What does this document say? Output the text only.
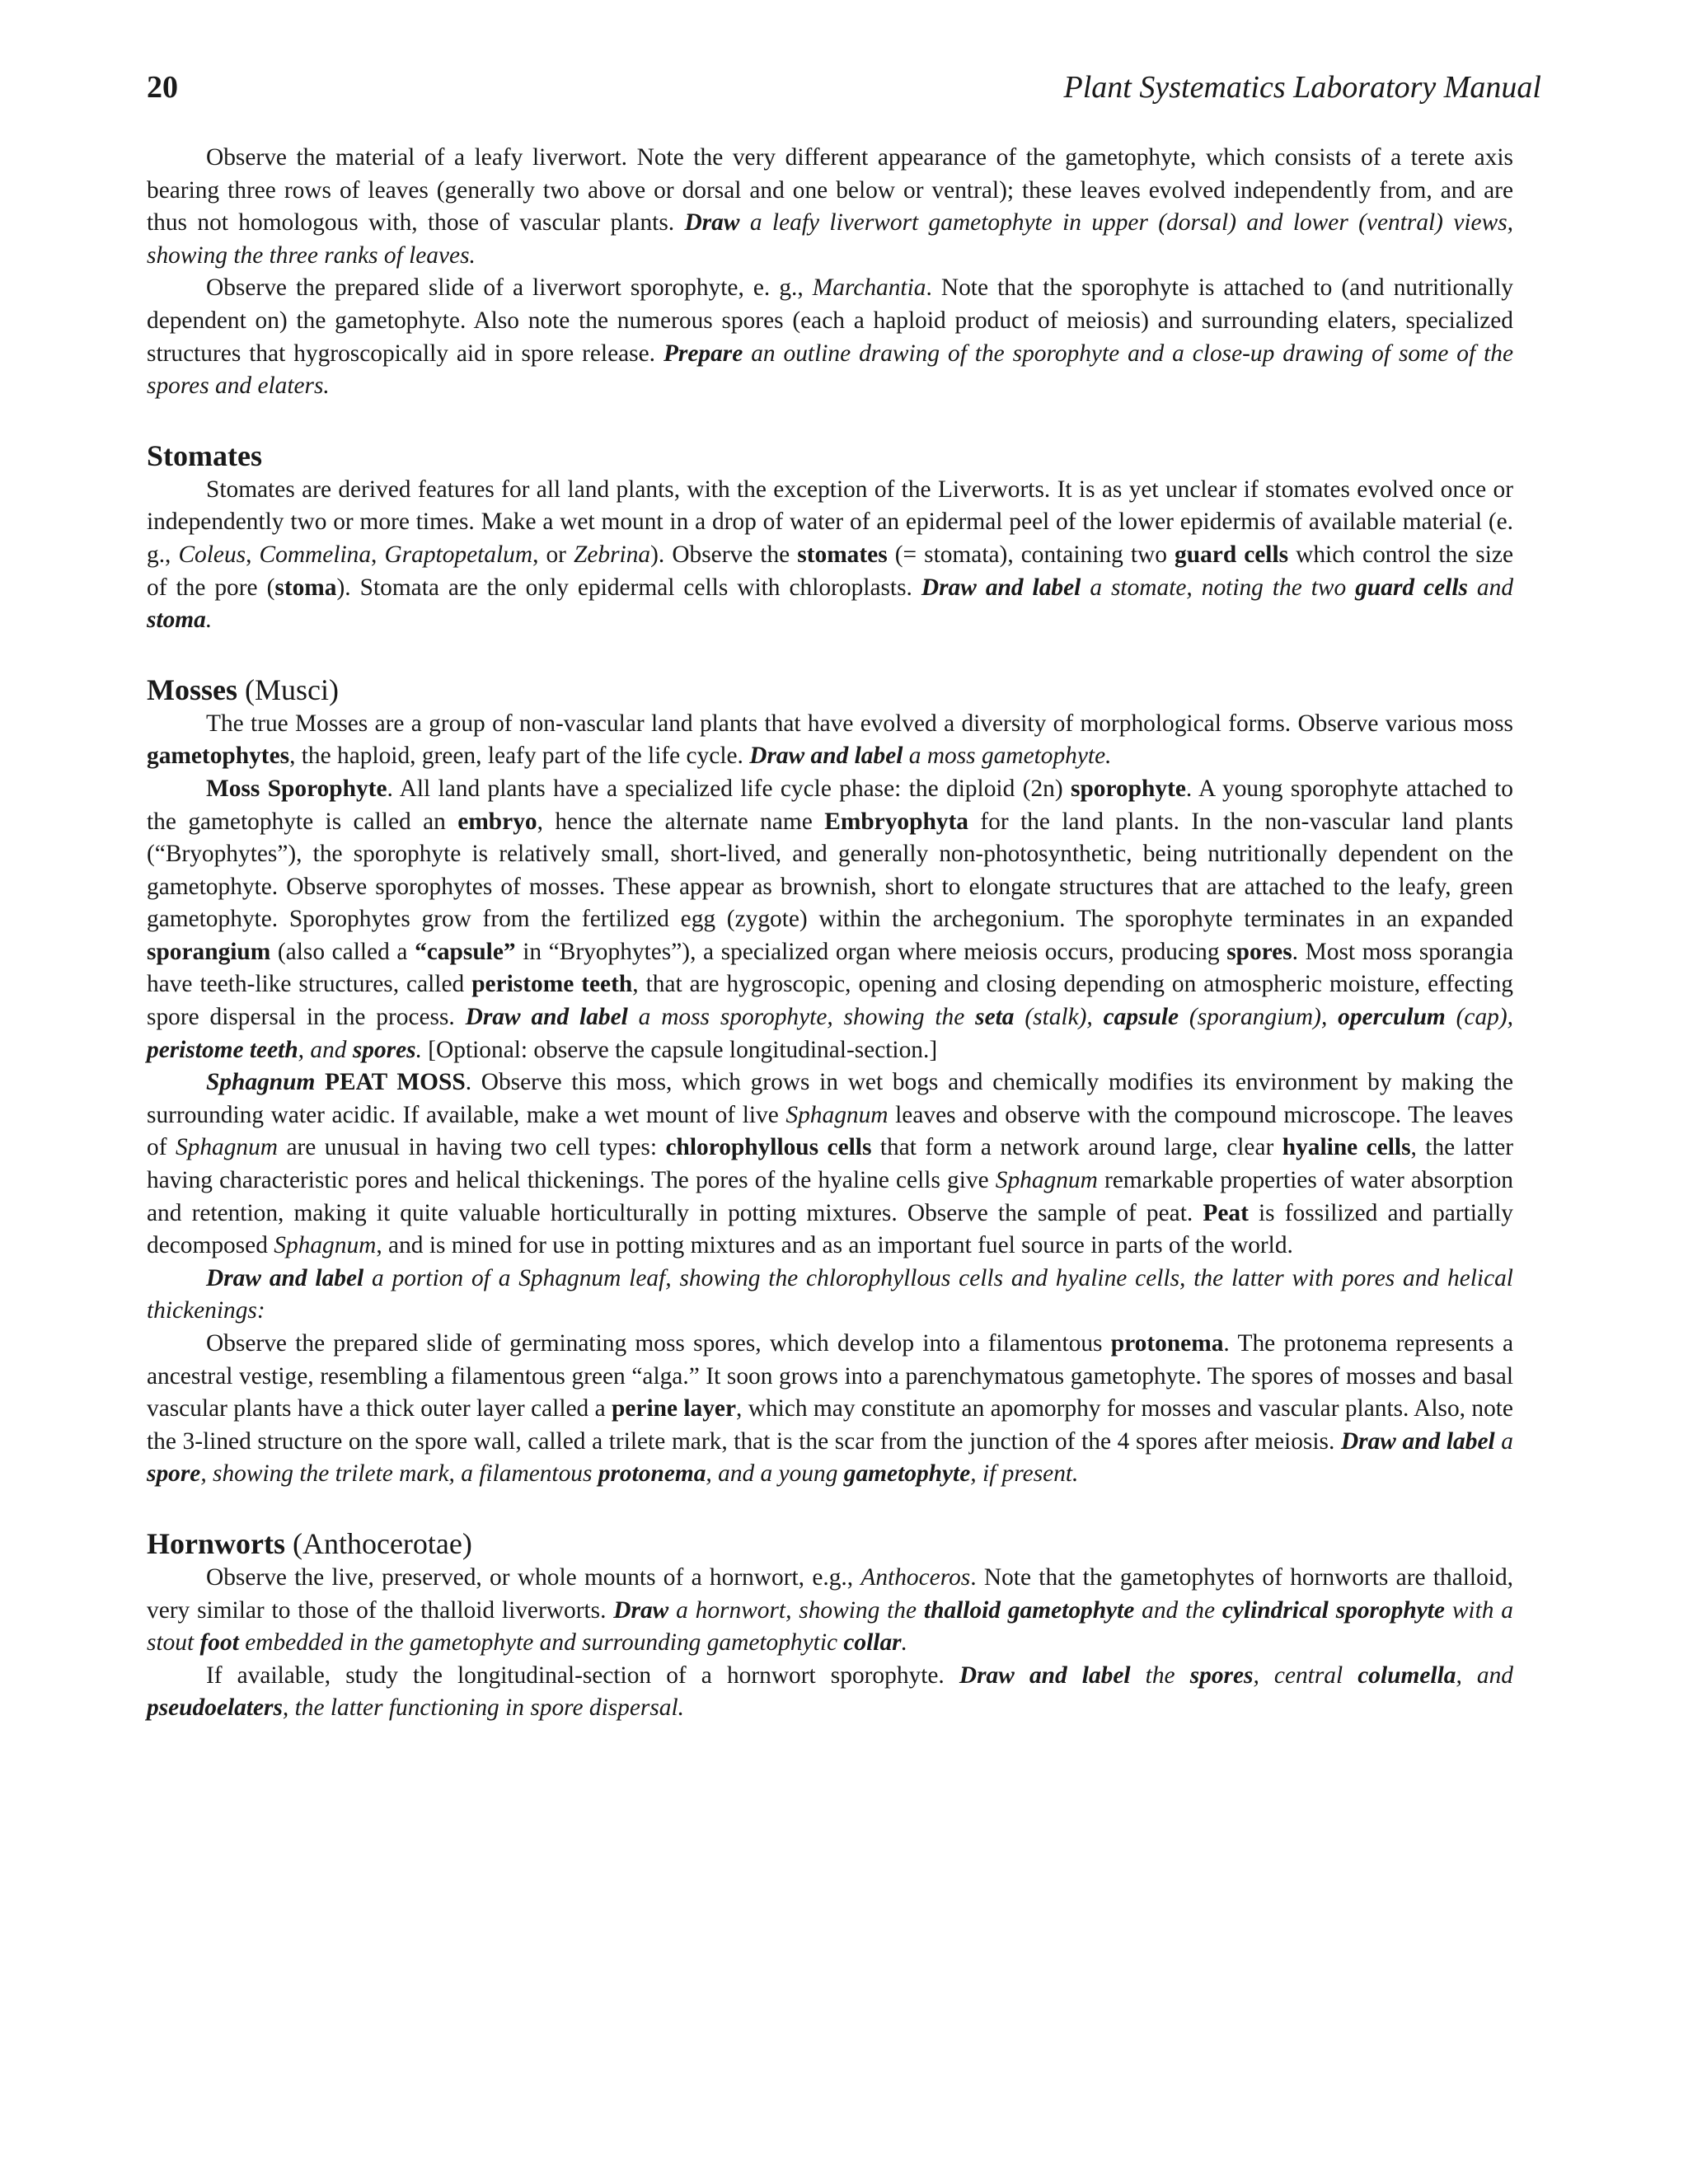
20	Plant Systematics Laboratory Manual

Observe the material of a leafy liverwort. Note the very different appearance of the gametophyte, which consists of a terete axis bearing three rows of leaves (generally two above or dorsal and one below or ventral); these leaves evolved independently from, and are thus not homologous with, those of vascular plants. Draw a leafy liverwort gametophyte in upper (dorsal) and lower (ventral) views, showing the three ranks of leaves.

Observe the prepared slide of a liverwort sporophyte, e. g., Marchantia. Note that the sporophyte is attached to (and nutritionally dependent on) the gametophyte. Also note the numerous spores (each a haploid product of meiosis) and surrounding elaters, specialized structures that hygroscopically aid in spore release. Prepare an outline drawing of the sporophyte and a close-up drawing of some of the spores and elaters.

Stomates

Stomates are derived features for all land plants, with the exception of the Liverworts. It is as yet unclear if stomates evolved once or independently two or more times. Make a wet mount in a drop of water of an epidermal peel of the lower epidermis of available material (e. g., Coleus, Commelina, Graptopetalum, or Zebrina). Observe the stomates (= stomata), containing two guard cells which control the size of the pore (stoma). Stomata are the only epidermal cells with chloroplasts. Draw and label a stomate, noting the two guard cells and stoma.

Mosses (Musci)

The true Mosses are a group of non-vascular land plants that have evolved a diversity of morphological forms. Observe various moss gametophytes, the haploid, green, leafy part of the life cycle. Draw and label a moss gametophyte.

Moss Sporophyte. All land plants have a specialized life cycle phase: the diploid (2n) sporophyte. A young sporophyte attached to the gametophyte is called an embryo, hence the alternate name Embryophyta for the land plants. In the non-vascular land plants (“Bryophytes”), the sporophyte is relatively small, short-lived, and generally non-photosynthetic, being nutritionally dependent on the gametophyte. Observe sporophytes of mosses. These appear as brownish, short to elongate structures that are attached to the leafy, green gametophyte. Sporophytes grow from the fertilized egg (zygote) within the archegonium. The sporophyte terminates in an expanded sporangium (also called a “capsule” in “Bryophytes”), a specialized organ where meiosis occurs, producing spores. Most moss sporangia have teeth-like structures, called peristome teeth, that are hygroscopic, opening and closing depending on atmospheric moisture, effecting spore dispersal in the process. Draw and label a moss sporophyte, showing the seta (stalk), capsule (sporangium), operculum (cap), peristome teeth, and spores. [Optional: observe the capsule longitudinal-section.]

Sphagnum PEAT MOSS. Observe this moss, which grows in wet bogs and chemically modifies its environment by making the surrounding water acidic. If available, make a wet mount of live Sphagnum leaves and observe with the compound microscope. The leaves of Sphagnum are unusual in having two cell types: chlorophyllous cells that form a network around large, clear hyaline cells, the latter having characteristic pores and helical thickenings. The pores of the hyaline cells give Sphagnum remarkable properties of water absorption and retention, making it quite valuable horticulturally in potting mixtures. Observe the sample of peat. Peat is fossilized and partially decomposed Sphagnum, and is mined for use in potting mixtures and as an important fuel source in parts of the world.

Draw and label a portion of a Sphagnum leaf, showing the chlorophyllous cells and hyaline cells, the latter with pores and helical thickenings:

Observe the prepared slide of germinating moss spores, which develop into a filamentous protonema. The protonema represents a ancestral vestige, resembling a filamentous green “alga.” It soon grows into a parenchymatous gametophyte. The spores of mosses and basal vascular plants have a thick outer layer called a perine layer, which may constitute an apomorphy for mosses and vascular plants. Also, note the 3-lined structure on the spore wall, called a trilete mark, that is the scar from the junction of the 4 spores after meiosis. Draw and label a spore, showing the trilete mark, a filamentous protonema, and a young gametophyte, if present.

Hornworts (Anthocerotae)

Observe the live, preserved, or whole mounts of a hornwort, e.g., Anthoceros. Note that the gametophytes of hornworts are thalloid, very similar to those of the thalloid liverworts. Draw a hornwort, showing the thalloid gametophyte and the cylindrical sporophyte with a stout foot embedded in the gametophyte and surrounding gametophytic collar.

If available, study the longitudinal-section of a hornwort sporophyte. Draw and label the spores, central columella, and pseudoelaters, the latter functioning in spore dispersal.
